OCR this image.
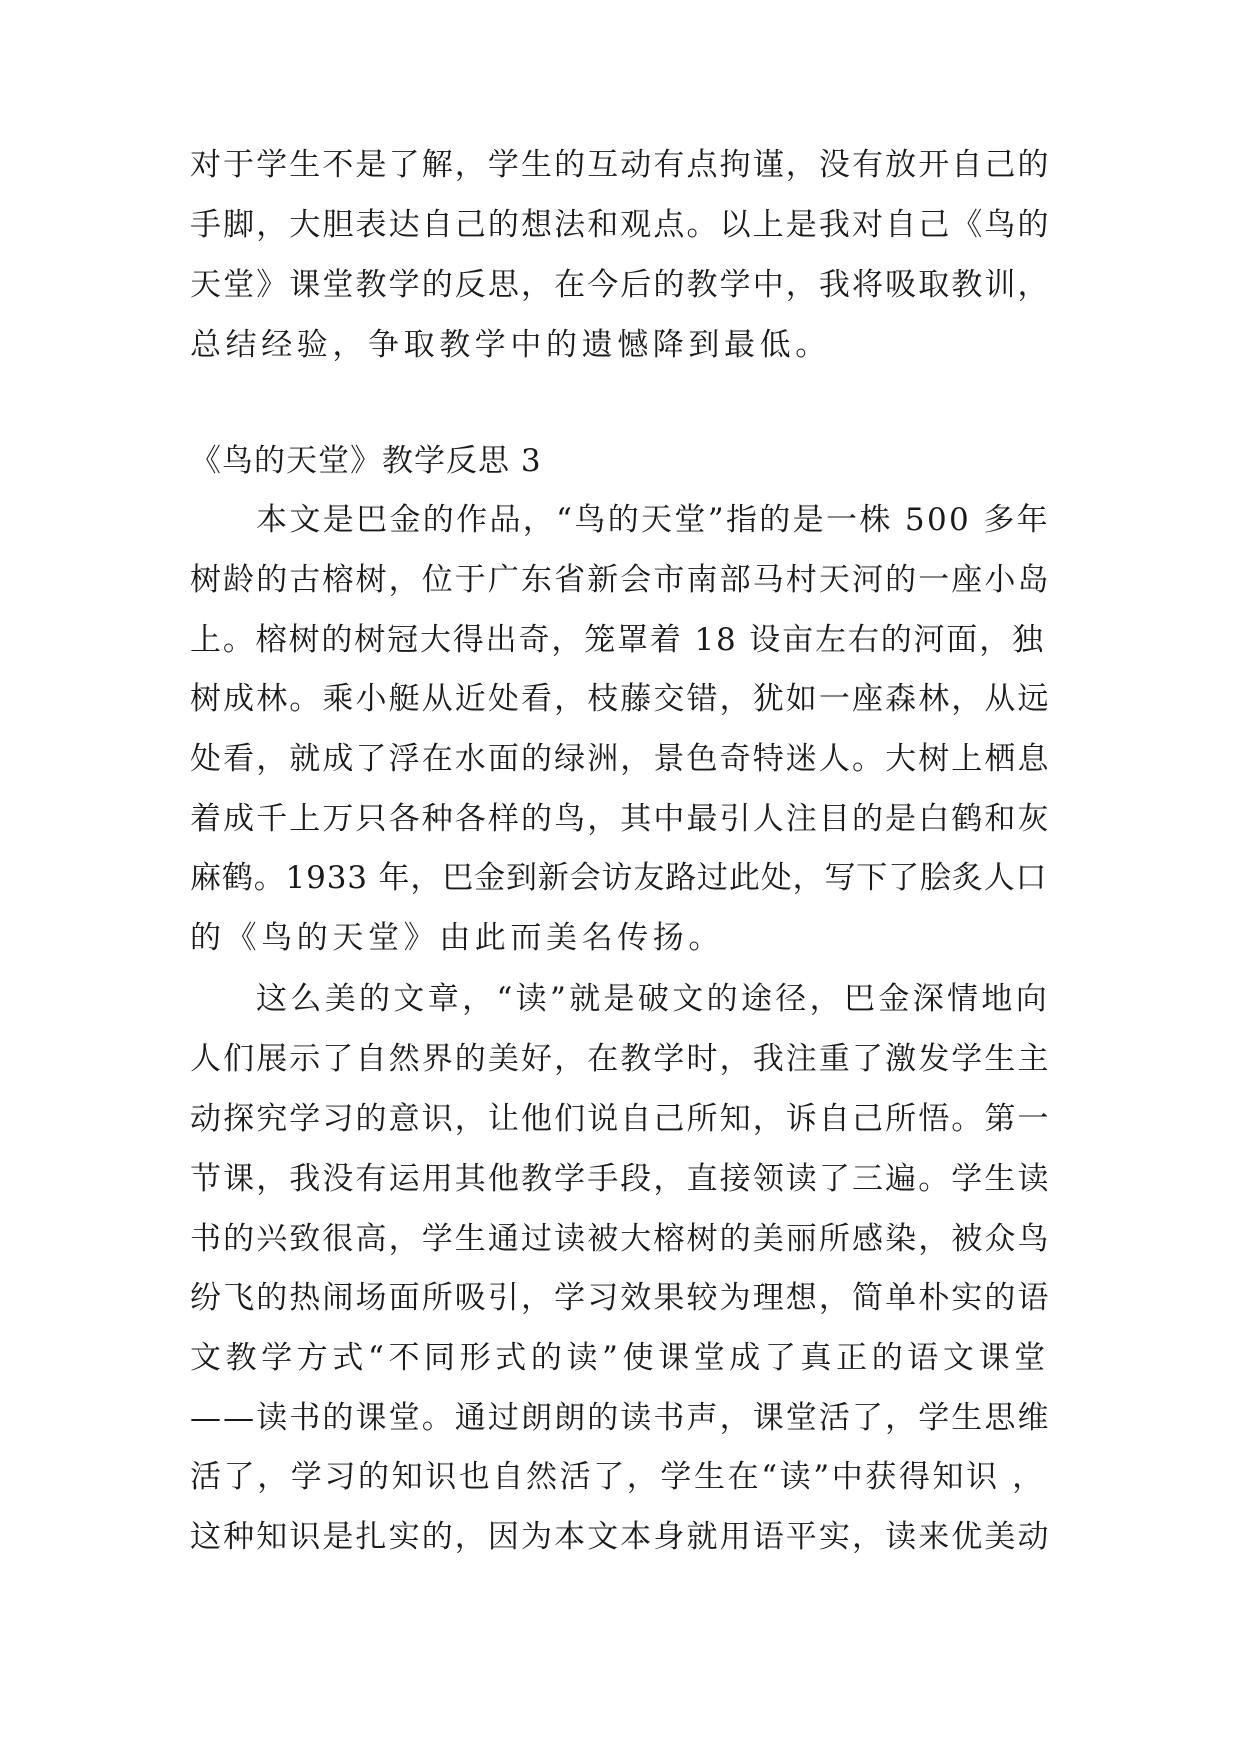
对于学生不是了解，学生的互动有点拘谨，没有放开自己的
手脚，大胆表达自己的想法和观点。以上是我对自己《鸟的
天堂》课堂教学的反思，在今后的教学中，我将吸取教训，
总结经验，争取教学中的遗憾降到最低。
《鸟的天堂》教学反思 3
本文是巴金的作品，“鸟的天堂”指的是一株 500 多年
树龄的古榕树，位于广东省新会市南部马村天河的一座小岛
上。榕树的树冠大得出奇，笼罩着 18 设亩左右的河面，独
树成林。乘小艇从近处看，枝藤交错，犹如一座森林，从远
处看，就成了浮在水面的绿洲，景色奇特迷人。大树上栖息
着成千上万只各种各样的鸟，其中最引人注目的是白鹤和灰
麻鹤。1933 年，巴金到新会访友路过此处，写下了脍炙人口
的《鸟的天堂》由此而美名传扬。
这么美的文章，“读”就是破文的途径，巴金深情地向
人们展示了自然界的美好，在教学时，我注重了激发学生主
动探究学习的意识，让他们说自己所知，诉自己所悟。第一
节课，我没有运用其他教学手段，直接领读了三遍。学生读
书的兴致很高，学生通过读被大榕树的美丽所感染，被众鸟
纷飞的热闹场面所吸引，学习效果较为理想，简单朴实的语
文教学方式“不同形式的读”使课堂成了真正的语文课堂
——读书的课堂。通过朗朗的读书声，课堂活了，学生思维
活了，学习的知识也自然活了，学生在“读”中获得知识 ，
这种知识是扎实的，因为本文本身就用语平实，读来优美动
